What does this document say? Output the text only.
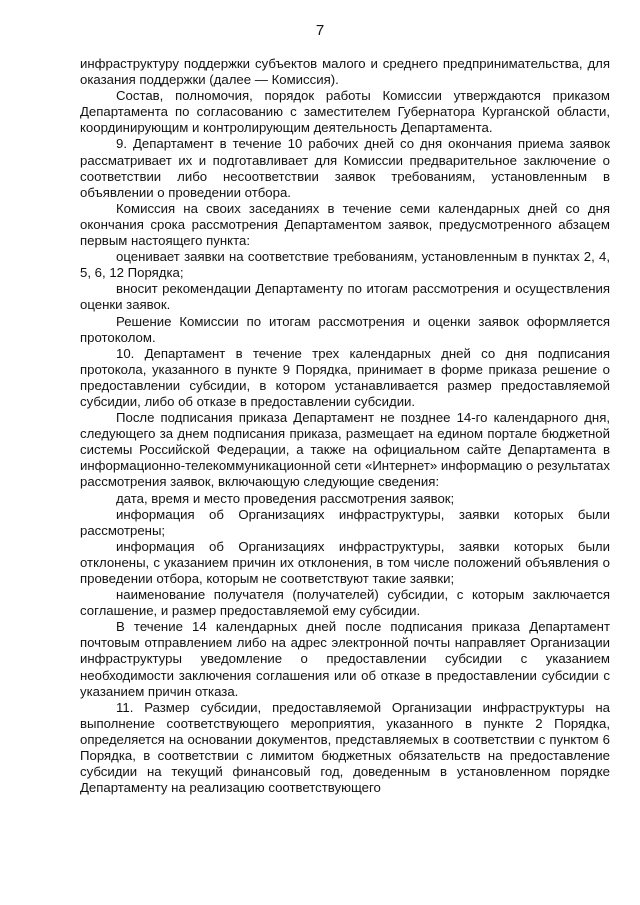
7

инфраструктуру поддержки субъектов малого и среднего предпринимательства, для оказания поддержки (далее — Комиссия).

Состав, полномочия, порядок работы Комиссии утверждаются приказом Департамента по согласованию с заместителем Губернатора Курганской области, координирующим и контролирующим деятельность Департамента.

9. Департамент в течение 10 рабочих дней со дня окончания приема заявок рассматривает их и подготавливает для Комиссии предварительное заключение о соответствии либо несоответствии заявок требованиям, установленным в объявлении о проведении отбора.

Комиссия на своих заседаниях в течение семи календарных дней со дня окончания срока рассмотрения Департаментом заявок, предусмотренного абзацем первым настоящего пункта:

оценивает заявки на соответствие требованиям, установленным в пунктах 2, 4, 5, 6, 12 Порядка;

вносит рекомендации Департаменту по итогам рассмотрения и осуществления оценки заявок.

Решение Комиссии по итогам рассмотрения и оценки заявок оформляется протоколом.

10. Департамент в течение трех календарных дней со дня подписания протокола, указанного в пункте 9 Порядка, принимает в форме приказа решение о предоставлении субсидии, в котором устанавливается размер предоставляемой субсидии, либо об отказе в предоставлении субсидии.

После подписания приказа Департамент не позднее 14-го календарного дня, следующего за днем подписания приказа, размещает на едином портале бюджетной системы Российской Федерации, а также на официальном сайте Департамента в информационно-телекоммуникационной сети «Интернет» информацию о результатах рассмотрения заявок, включающую следующие сведения:

дата, время и место проведения рассмотрения заявок;

информация об Организациях инфраструктуры, заявки которых были рассмотрены;

информация об Организациях инфраструктуры, заявки которых были отклонены, с указанием причин их отклонения, в том числе положений объявления о проведении отбора, которым не соответствуют такие заявки;

наименование получателя (получателей) субсидии, с которым заключается соглашение, и размер предоставляемой ему субсидии.

В течение 14 календарных дней после подписания приказа Департамент почтовым отправлением либо на адрес электронной почты направляет Организации инфраструктуры уведомление о предоставлении субсидии с указанием необходимости заключения соглашения или об отказе в предоставлении субсидии с указанием причин отказа.

11. Размер субсидии, предоставляемой Организации инфраструктуры на выполнение соответствующего мероприятия, указанного в пункте 2 Порядка, определяется на основании документов, представляемых в соответствии с пунктом 6 Порядка, в соответствии с лимитом бюджетных обязательств на предоставление субсидии на текущий финансовый год, доведенным в установленном порядке Департаменту на реализацию соответствующего
